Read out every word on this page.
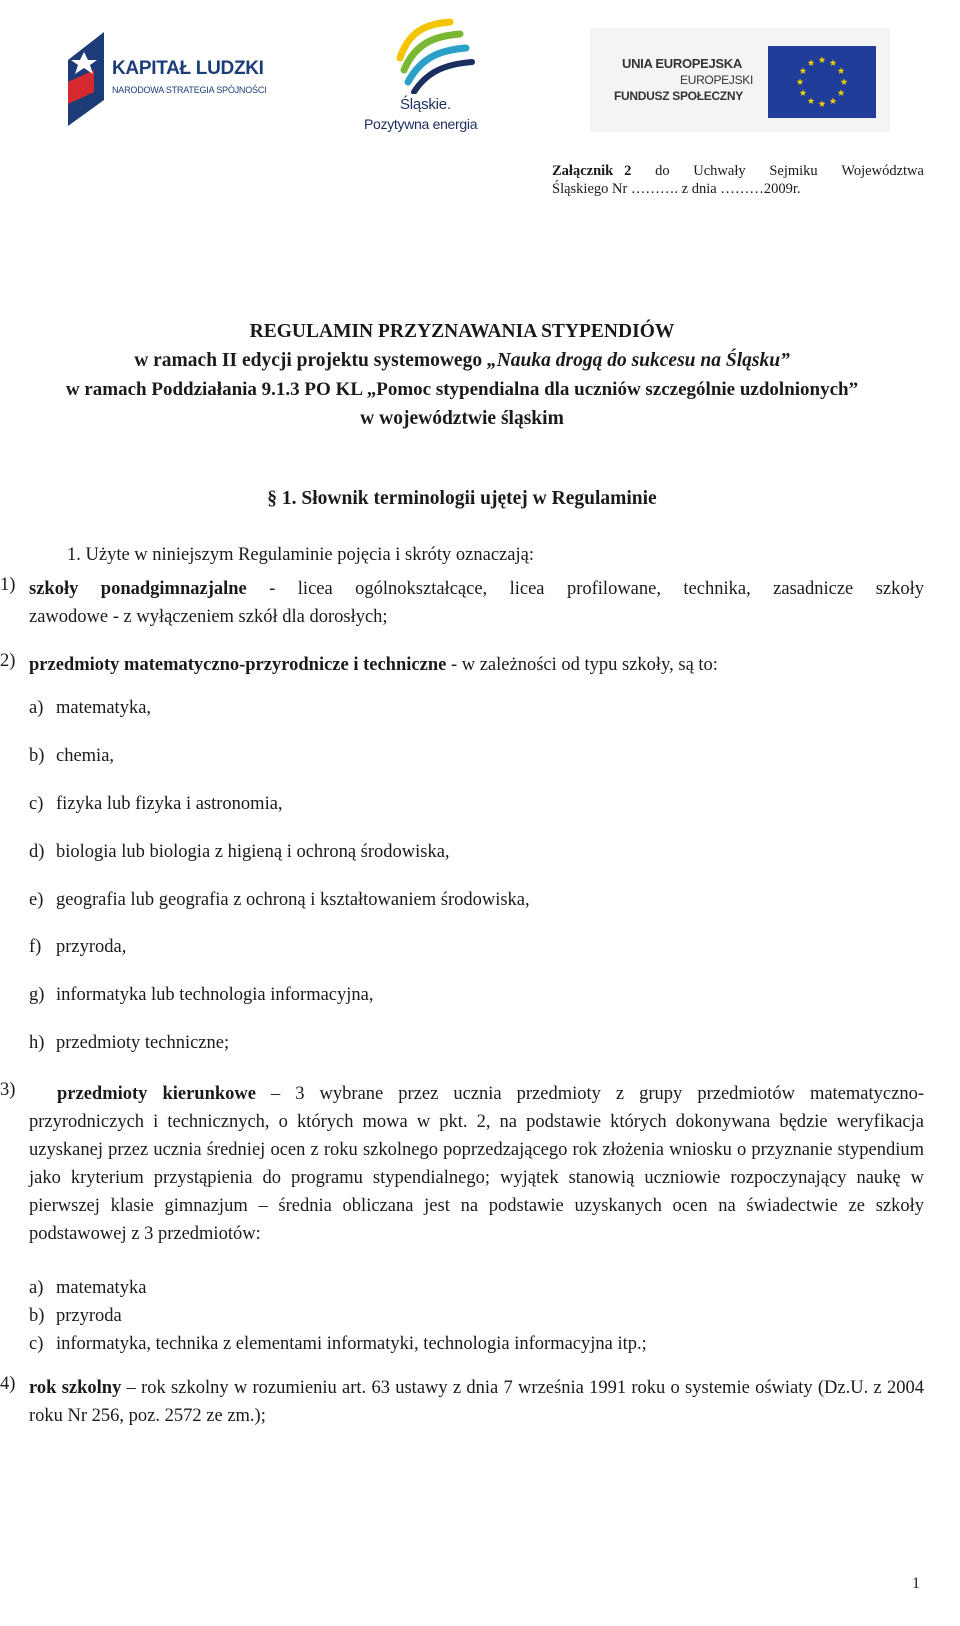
KAPITAŁ LUDZKI
NARODOWA STRATEGIA SPÓJNOŚCI
Śląskie.
Pozytywna energia
UNIA EUROPEJSKA
EUROPEJSKI
FUNDUSZ SPOŁECZNY
Załącznik 2 do Uchwały Sejmiku Województwa
Śląskiego Nr ………. z dnia ………2009r.
REGULAMIN PRZYZNAWANIA STYPENDIÓW
w ramach II edycji projektu systemowego „Nauka drogą do sukcesu na Śląsku”
w ramach Poddziałania 9.1.3 PO KL „Pomoc stypendialna dla uczniów szczególnie uzdolnionych”
w województwie śląskim
§ 1. Słownik terminologii ujętej w Regulaminie
1. Użyte w niniejszym Regulaminie pojęcia i skróty oznaczają:
1) szkoły ponadgimnazjalne - licea ogólnokształcące, licea profilowane, technika, zasadnicze szkoły
zawodowe - z wyłączeniem szkół dla dorosłych;
2) przedmioty matematyczno-przyrodnicze i techniczne - w zależności od typu szkoły, są to:
a) matematyka,
b) chemia,
c) fizyka lub fizyka i astronomia,
d) biologia lub biologia z higieną i ochroną środowiska,
e) geografia lub geografia z ochroną i kształtowaniem środowiska,
f) przyroda,
g) informatyka lub technologia informacyjna,
h) przedmioty techniczne;
3)	przedmioty kierunkowe – 3 wybrane przez ucznia przedmioty z grupy przedmiotów matematyczno-przyrodniczych i technicznych, o których mowa w pkt. 2, na podstawie których dokonywana będzie weryfikacja uzyskanej przez ucznia średniej ocen z roku szkolnego poprzedzającego rok złożenia wniosku o przyznanie stypendium jako kryterium przystąpienia do programu stypendialnego; wyjątek stanowią uczniowie rozpoczynający naukę w pierwszej klasie gimnazjum – średnia obliczana jest na podstawie uzyskanych ocen na świadectwie ze szkoły podstawowej z 3 przedmiotów:
a) matematyka
b) przyroda
c) informatyka, technika z elementami informatyki, technologia informacyjna itp.;
4) rok szkolny – rok szkolny w rozumieniu art. 63 ustawy z dnia 7 września 1991 roku o systemie oświaty (Dz.U. z 2004 roku Nr 256, poz. 2572 ze zm.);
1
